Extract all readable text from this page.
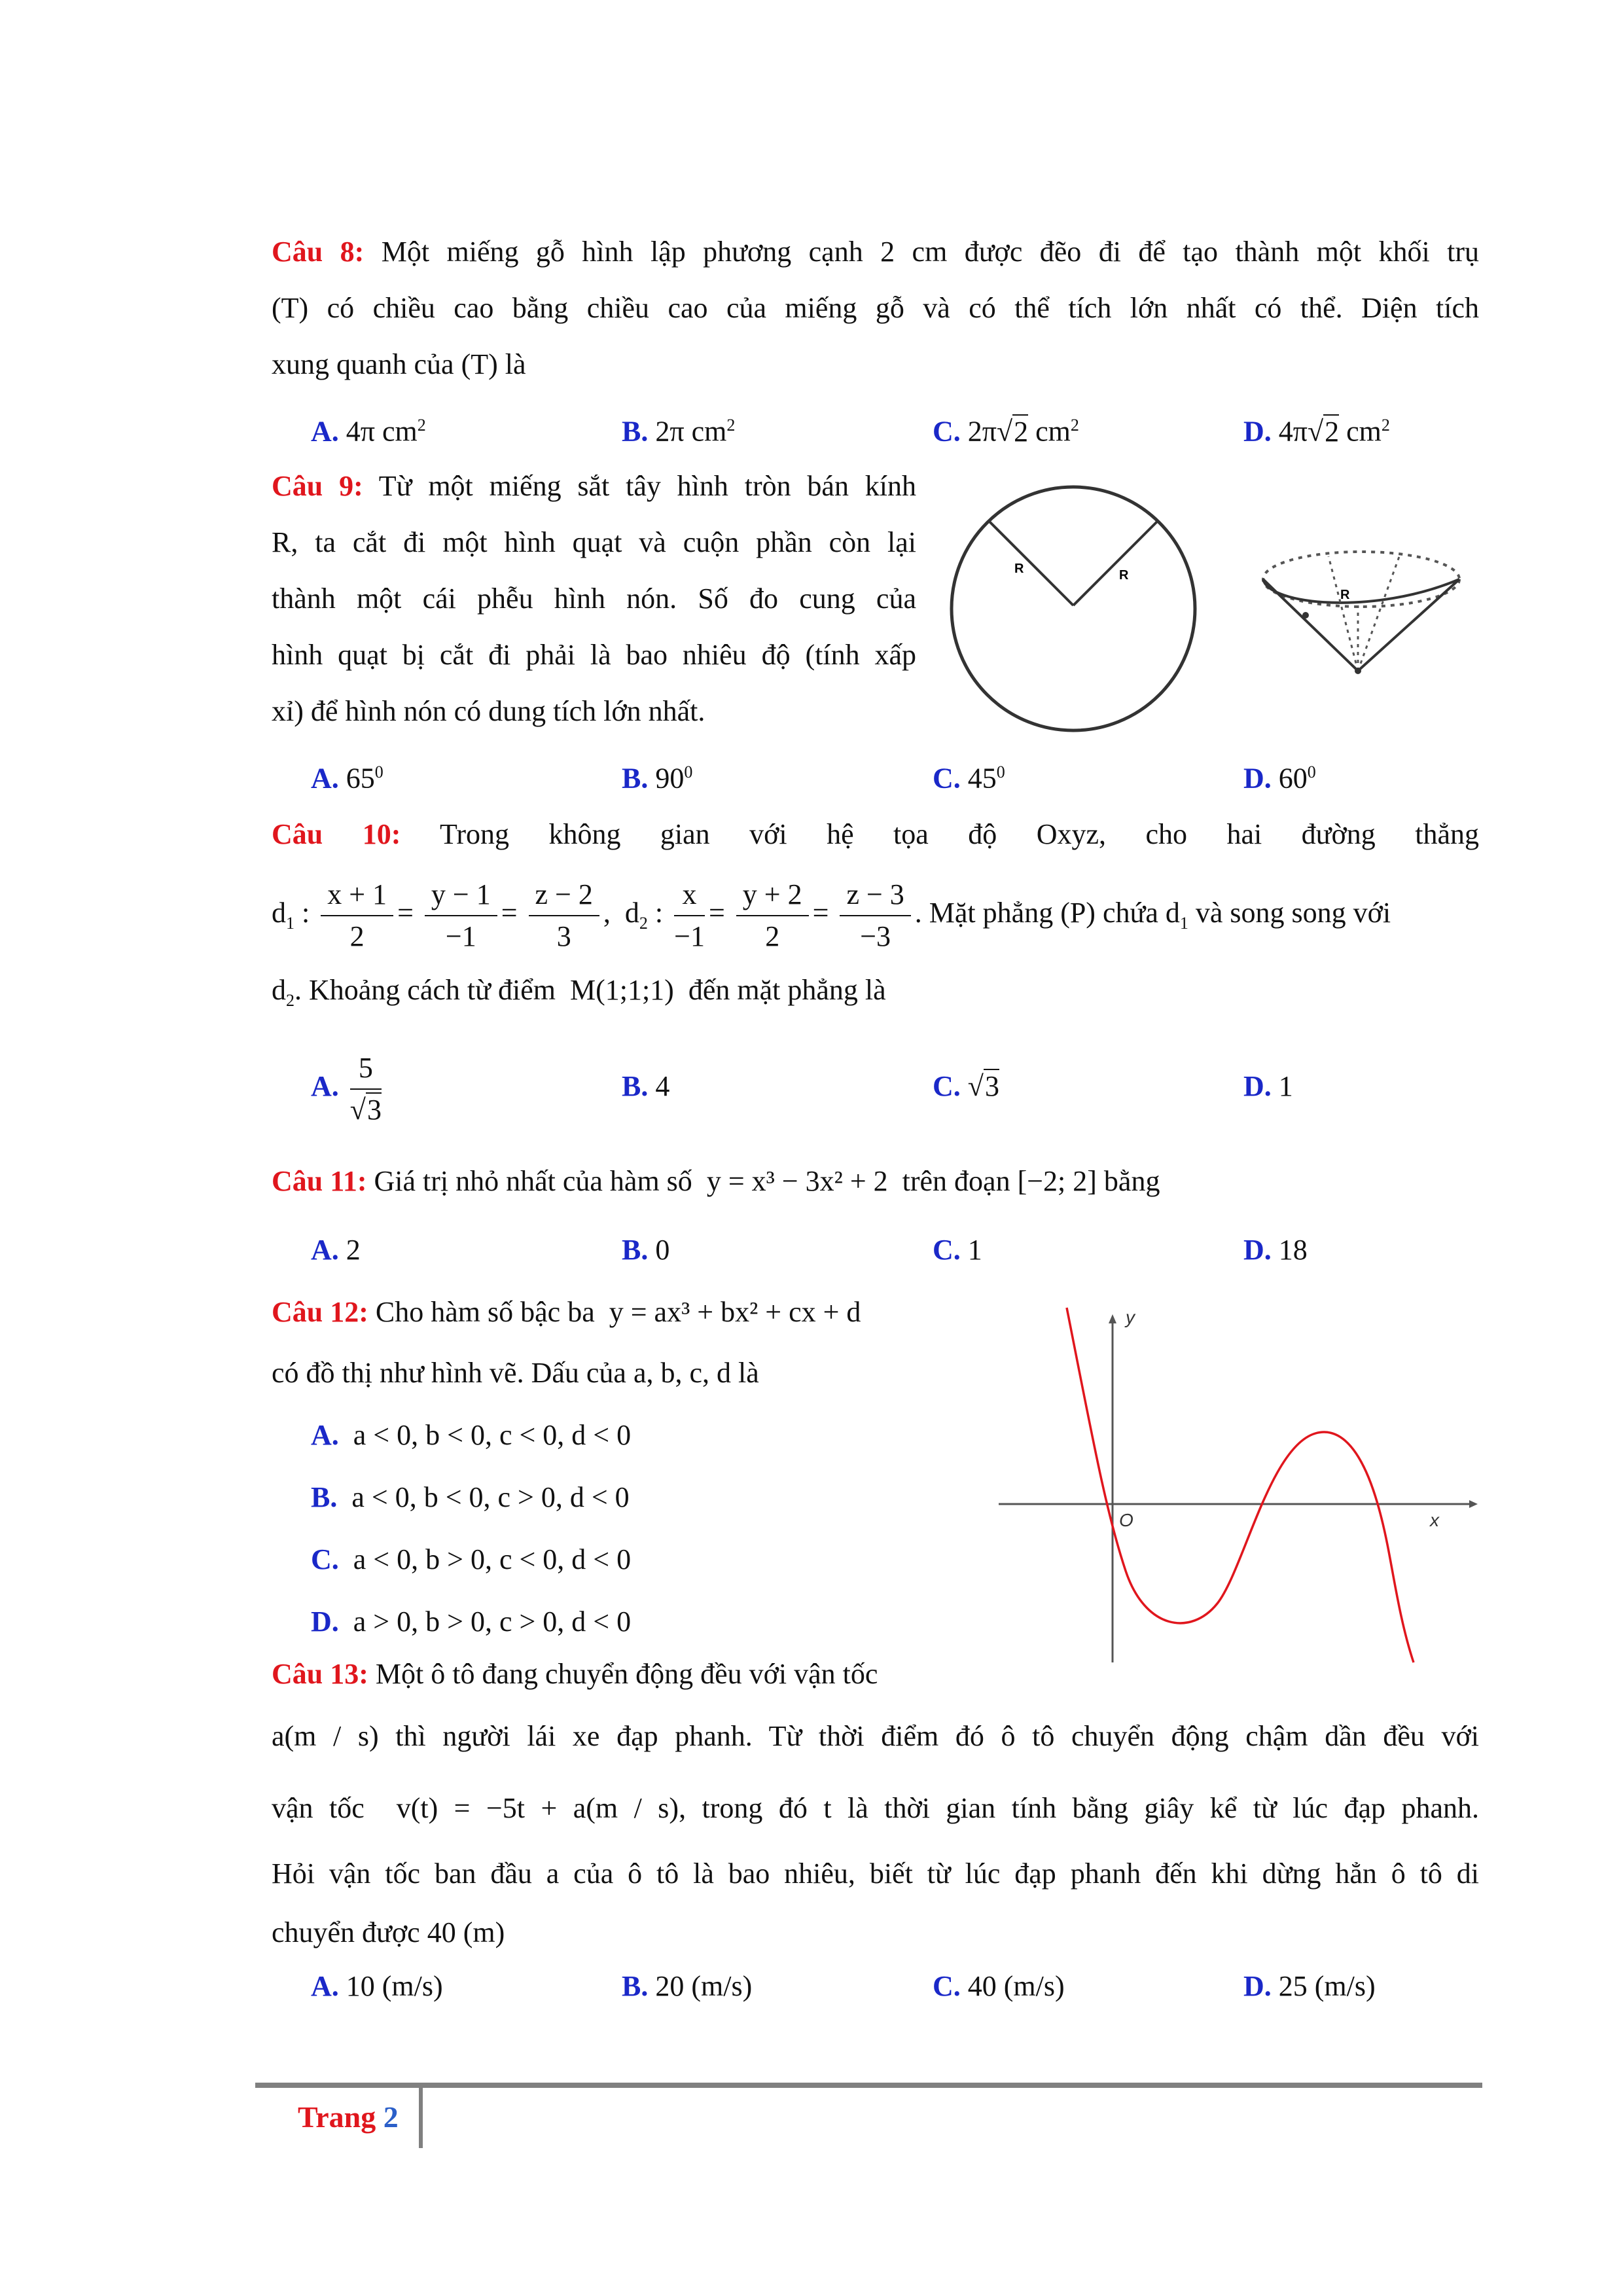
Câu 8: Một miếng gỗ hình lập phương cạnh 2 cm được đẽo đi để tạo thành một khối trụ
(T) có chiều cao bằng chiều cao của miếng gỗ và có thể tích lớn nhất có thể. Diện tích
xung quanh của (T) là
A. 4π $cm^2$	B. 2π $cm^2$	C. 2π√2 $cm^2$	D. 4π√2 $cm^2$
Câu 9: Từ một miếng sắt tây hình tròn bán kính
R, ta cắt đi một hình quạt và cuộn phần còn lại
thành một cái phễu hình nón. Số đo cung của
hình quạt bị cắt đi phải là bao nhiêu độ (tính xấp
xỉ) để hình nón có dung tích lớn nhất.
R	R
R
A. $65^0$	B. $90^0$	C. $45^0$	D. $60^0$
Câu 10: Trong không gian với hệ tọa độ Oxyz, cho hai đường thẳng
$d_1$ : $\frac{x + 1}{2} = \frac{y - 1}{-1} = \frac{z - 2}{3}$ ,  $d_2$ : $\frac{x}{-1} = \frac{y + 2}{2} = \frac{z - 3}{-3}$ . Mặt phẳng (P) chứa $d_1$ và song song với
$d_2$. Khoảng cách từ điểm M(1;1;1) đến mặt phẳng là
A. $\frac{5}{√3}$	B. 4	C. √3	D. 1
Câu 11: Giá trị nhỏ nhất của hàm số y = x³ − 3x² + 2 trên đoạn [−2; 2] bằng
A. 2	B. 0	C. 1	D. 18
Câu 12: Cho hàm số bậc ba y = ax³ + bx² + cx + d
có đồ thị như hình vẽ. Dấu của a, b, c, d là
A. a < 0, b < 0, c < 0, d < 0
B. a < 0, b < 0, c > 0, d < 0
C. a < 0, b > 0, c < 0, d < 0
D. a > 0, b > 0, c > 0, d < 0
y
x
O
Câu 13: Một ô tô đang chuyển động đều với vận tốc
a(m / s) thì người lái xe đạp phanh. Từ thời điểm đó ô tô chuyển động chậm dần đều với
vận tốc v(t) = −5t + a(m / s), trong đó t là thời gian tính bằng giây kể từ lúc đạp phanh.
Hỏi vận tốc ban đầu a của ô tô là bao nhiêu, biết từ lúc đạp phanh đến khi dừng hẳn ô tô di
chuyển được 40 (m)
A. 10 (m/s)	B. 20 (m/s)	C. 40 (m/s)	D. 25 (m/s)
Trang 2
